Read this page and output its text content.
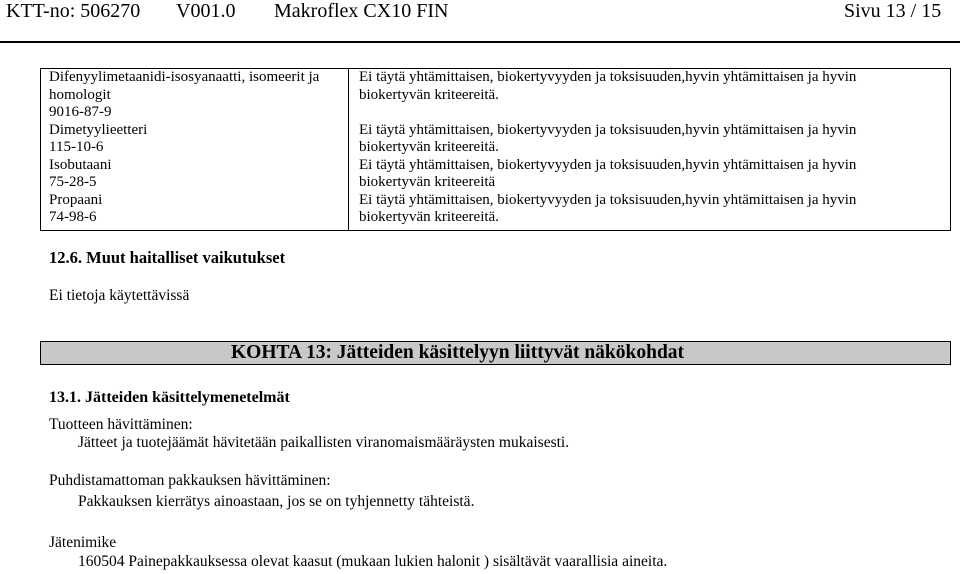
KTT-no: 506270 V001.0 Makroflex CX10 FIN	Sivu 13 / 15
Difenyylimetaanidi-isosyanaatti, isomeerit ja
homologit
9016-87-9
Dimetyylieetteri
115-10-6
Isobutaani
75-28-5
Propaani
74-98-6
Ei täytä yhtämittaisen, biokertyvyyden ja toksisuuden,hyvin yhtämittaisen ja hyvin
biokertyvän kriteereitä.
Ei täytä yhtämittaisen, biokertyvyyden ja toksisuuden,hyvin yhtämittaisen ja hyvin
biokertyvän kriteereitä.
Ei täytä yhtämittaisen, biokertyvyyden ja toksisuuden,hyvin yhtämittaisen ja hyvin
biokertyvän kriteereitä
Ei täytä yhtämittaisen, biokertyvyyden ja toksisuuden,hyvin yhtämittaisen ja hyvin
biokertyvän kriteereitä.
12.6. Muut haitalliset vaikutukset
Ei tietoja käytettävissä
KOHTA 13: Jätteiden käsittelyyn liittyvät näkökohdat
13.1. Jätteiden käsittelymenetelmät
Tuotteen hävittäminen:
Jätteet ja tuotejäämät hävitetään paikallisten viranomaismääräysten mukaisesti.
Puhdistamattoman pakkauksen hävittäminen:
Pakkauksen kierrätys ainoastaan, jos se on tyhjennetty tähteistä.
Jätenimike
160504 Painepakkauksessa olevat kaasut (mukaan lukien halonit ) sisältävät vaarallisia aineita.
